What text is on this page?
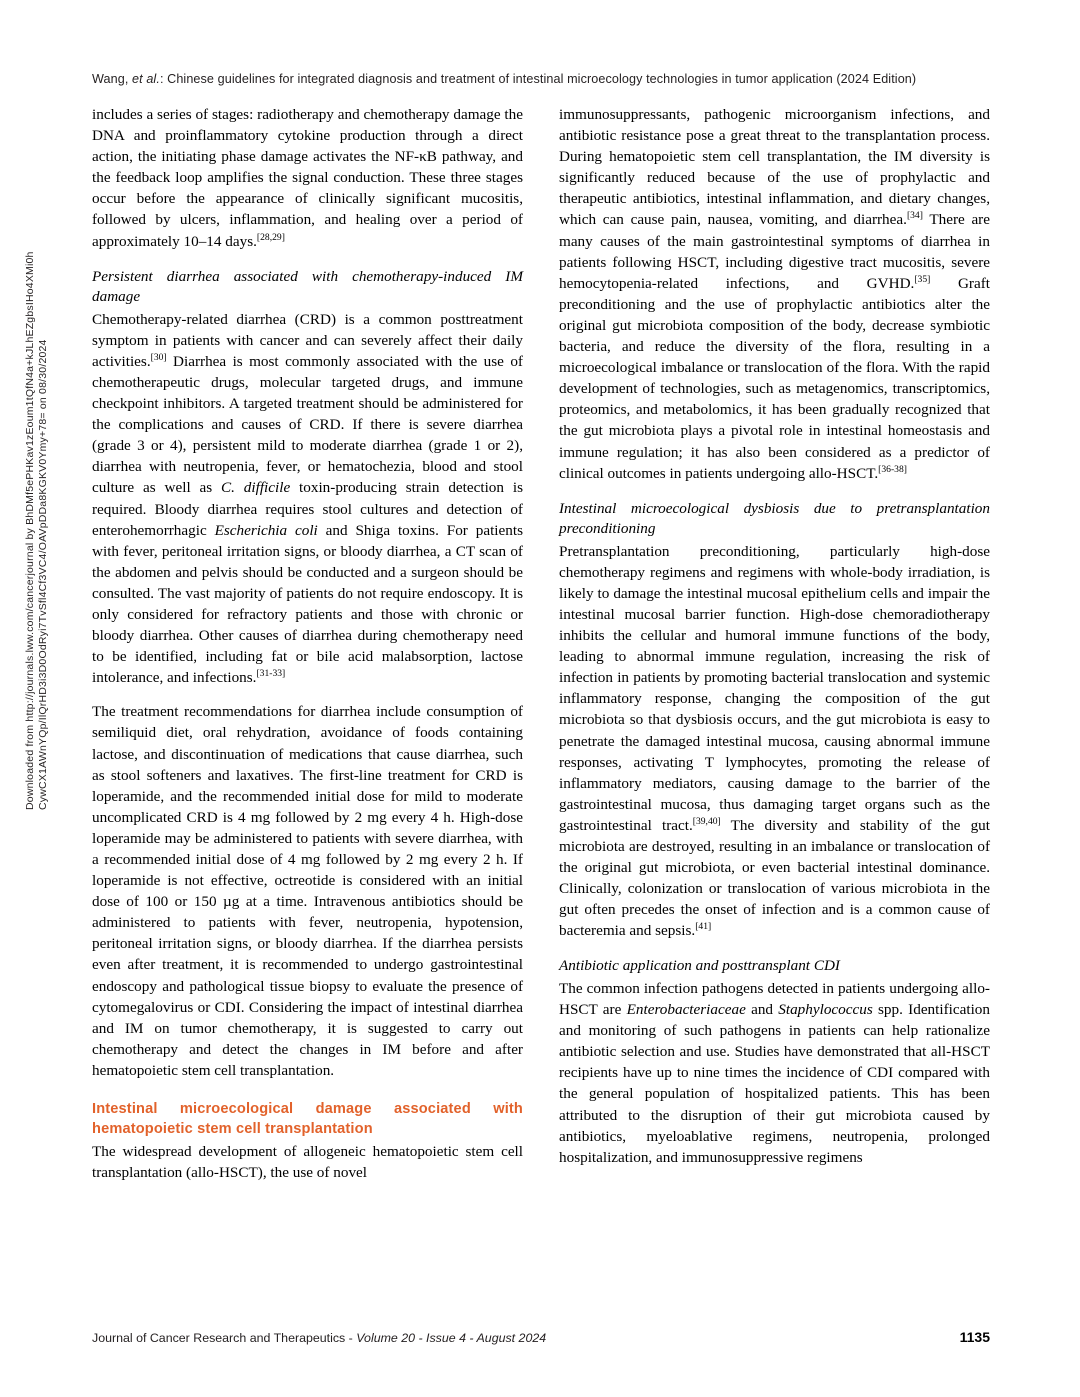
Downloaded from http://journals.lww.com/cancerjournal by BhDMf5ePHKav1zEoum1tQfN4a+kJLhEZgbsIHo4XMi0hCywCX1AWnYQp/IlQrHD3i3D0OdRyi7TvSfl4Cf3VC4/OAVpDDa8KGKV0Ymy+78= on 08/30/2024
Wang, et al.: Chinese guidelines for integrated diagnosis and treatment of intestinal microecology technologies in tumor application (2024 Edition)

includes a series of stages: radiotherapy and chemotherapy damage the DNA and proinflammatory cytokine production through a direct action, the initiating phase damage activates the NF-κB pathway, and the feedback loop amplifies the signal conduction. These three stages occur before the appearance of clinically significant mucositis, followed by ulcers, inflammation, and healing over a period of approximately 10–14 days.[28,29]

Persistent diarrhea associated with chemotherapy-induced IM damage

Chemotherapy-related diarrhea (CRD) is a common posttreatment symptom in patients with cancer and can severely affect their daily activities.[30] Diarrhea is most commonly associated with the use of chemotherapeutic drugs, molecular targeted drugs, and immune checkpoint inhibitors. A targeted treatment should be administered for the complications and causes of CRD. If there is severe diarrhea (grade 3 or 4), persistent mild to moderate diarrhea (grade 1 or 2), diarrhea with neutropenia, fever, or hematochezia, blood and stool culture as well as C. difficile toxin-producing strain detection is required. Bloody diarrhea requires stool cultures and detection of enterohemorrhagic Escherichia coli and Shiga toxins. For patients with fever, peritoneal irritation signs, or bloody diarrhea, a CT scan of the abdomen and pelvis should be conducted and a surgeon should be consulted. The vast majority of patients do not require endoscopy. It is only considered for refractory patients and those with chronic or bloody diarrhea. Other causes of diarrhea during chemotherapy need to be identified, including fat or bile acid malabsorption, lactose intolerance, and infections.[31-33]

The treatment recommendations for diarrhea include consumption of semiliquid diet, oral rehydration, avoidance of foods containing lactose, and discontinuation of medications that cause diarrhea, such as stool softeners and laxatives. The first-line treatment for CRD is loperamide, and the recommended initial dose for mild to moderate uncomplicated CRD is 4 mg followed by 2 mg every 4 h. High-dose loperamide may be administered to patients with severe diarrhea, with a recommended initial dose of 4 mg followed by 2 mg every 2 h. If loperamide is not effective, octreotide is considered with an initial dose of 100 or 150 µg at a time. Intravenous antibiotics should be administered to patients with fever, neutropenia, hypotension, peritoneal irritation signs, or bloody diarrhea. If the diarrhea persists even after treatment, it is recommended to undergo gastrointestinal endoscopy and pathological tissue biopsy to evaluate the presence of cytomegalovirus or CDI. Considering the impact of intestinal diarrhea and IM on tumor chemotherapy, it is suggested to carry out chemotherapy and detect the changes in IM before and after hematopoietic stem cell transplantation.

Intestinal microecological damage associated with hematopoietic stem cell transplantation

The widespread development of allogeneic hematopoietic stem cell transplantation (allo-HSCT), the use of novel

immunosuppressants, pathogenic microorganism infections, and antibiotic resistance pose a great threat to the transplantation process. During hematopoietic stem cell transplantation, the IM diversity is significantly reduced because of the use of prophylactic and therapeutic antibiotics, intestinal inflammation, and dietary changes, which can cause pain, nausea, vomiting, and diarrhea.[34] There are many causes of the main gastrointestinal symptoms of diarrhea in patients following HSCT, including digestive tract mucositis, severe hemocytopenia-related infections, and GVHD.[35] Graft preconditioning and the use of prophylactic antibiotics alter the original gut microbiota composition of the body, decrease symbiotic bacteria, and reduce the diversity of the flora, resulting in a microecological imbalance or translocation of the flora. With the rapid development of technologies, such as metagenomics, transcriptomics, proteomics, and metabolomics, it has been gradually recognized that the gut microbiota plays a pivotal role in intestinal homeostasis and immune regulation; it has also been considered as a predictor of clinical outcomes in patients undergoing allo-HSCT.[36-38]

Intestinal microecological dysbiosis due to pretransplantation preconditioning

Pretransplantation preconditioning, particularly high-dose chemotherapy regimens and regimens with whole-body irradiation, is likely to damage the intestinal mucosal epithelium cells and impair the intestinal mucosal barrier function. High-dose chemoradiotherapy inhibits the cellular and humoral immune functions of the body, leading to abnormal immune regulation, increasing the risk of infection in patients by promoting bacterial translocation and systemic inflammatory response, changing the composition of the gut microbiota so that dysbiosis occurs, and the gut microbiota is easy to penetrate the damaged intestinal mucosa, causing abnormal immune responses, activating T lymphocytes, promoting the release of inflammatory mediators, causing damage to the barrier of the gastrointestinal mucosa, thus damaging target organs such as the gastrointestinal tract.[39,40] The diversity and stability of the gut microbiota are destroyed, resulting in an imbalance or translocation of the original gut microbiota, or even bacterial intestinal dominance. Clinically, colonization or translocation of various microbiota in the gut often precedes the onset of infection and is a common cause of bacteremia and sepsis.[41]

Antibiotic application and posttransplant CDI

The common infection pathogens detected in patients undergoing allo-HSCT are Enterobacteriaceae and Staphylococcus spp. Identification and monitoring of such pathogens in patients can help rationalize antibiotic selection and use. Studies have demonstrated that all-HSCT recipients have up to nine times the incidence of CDI compared with the general population of hospitalized patients. This has been attributed to the disruption of their gut microbiota caused by antibiotics, myeloablative regimens, neutropenia, prolonged hospitalization, and immunosuppressive regimens

Journal of Cancer Research and Therapeutics - Volume 20 - Issue 4 - August 2024	1135
